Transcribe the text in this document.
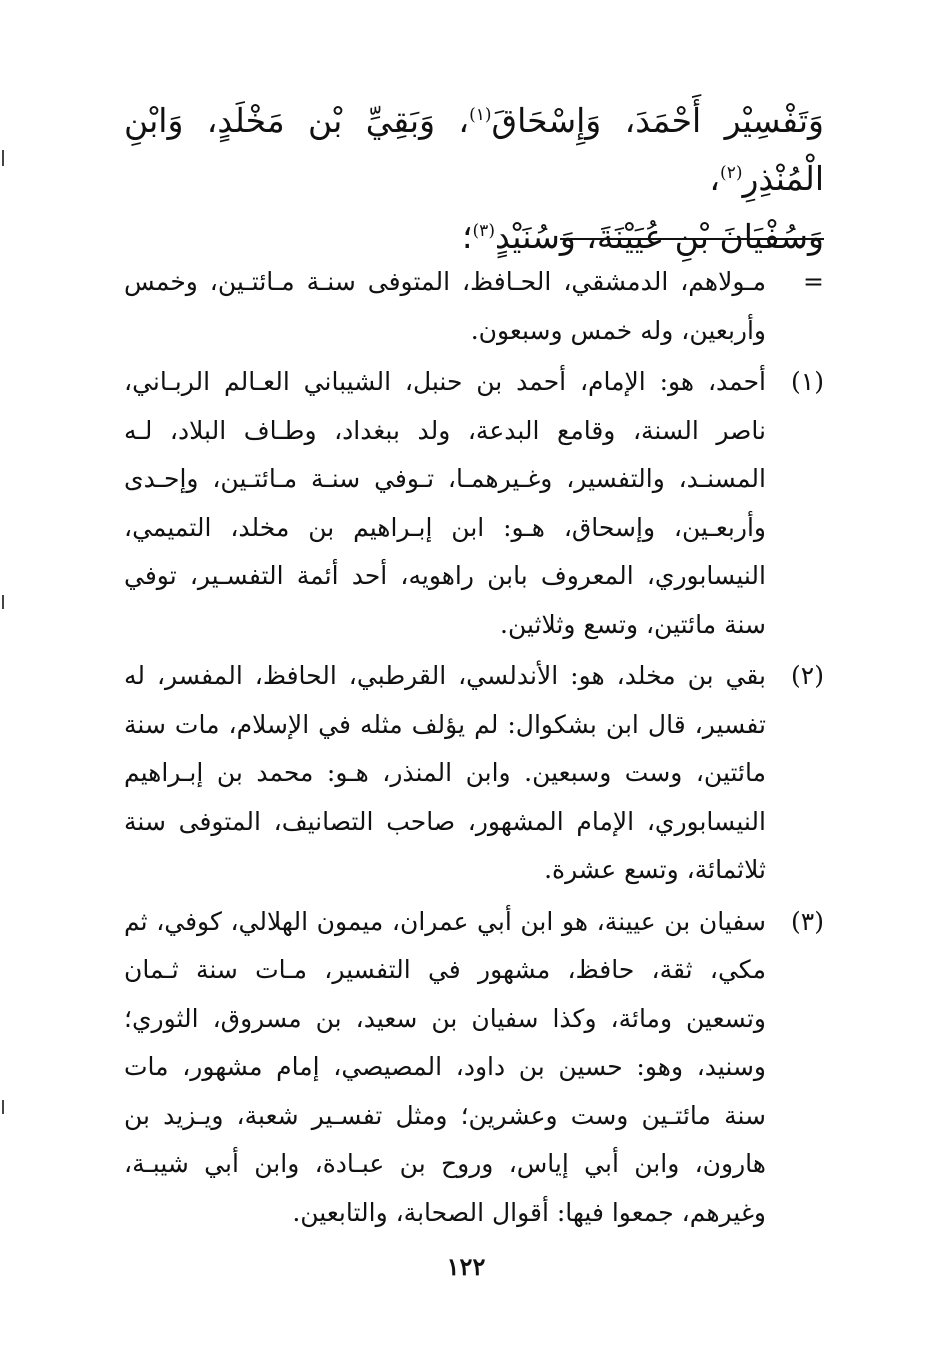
وَتَفْسِيْر أَحْمَدَ، وَإِسْحَاقَ$^{(١)}$، وَبَقِيِّ بْن مَخْلَدٍ، وَابْنِ الْمُنْذِرِ$^{(٢)}$،
وَسُفْيَانَ بْنِ عُيَيْنَةَ، وَسُنَيْدٍ$^{(٣)}$؛
=
مـولاهم، الدمشقي، الحـافظ، المتوفى سنـة مـائتـين، وخمس وأربعين، وله خمس وسبعون.
(١)
أحمد، هو: الإمام، أحمد بن حنبل، الشيباني العـالم الربـاني، ناصر السنة، وقامع البدعة، ولد ببغداد، وطـاف البلاد، لـه المسنـد، والتفسير، وغـيرهمـا، تـوفي سنـة مـائتـين، وإحـدى وأربعـين، وإسحاق، هـو: ابن إبـراهيم بن مخلد، التميمي، النيسابوري، المعروف بابن راهويه، أحد أئمة التفسـير، توفي سنة مائتين، وتسع وثلاثين.
(٢)
بقي بن مخلد، هو: الأندلسي، القرطبي، الحافظ، المفسر، له تفسير، قال ابن بشكوال: لم يؤلف مثله في الإسلام، مات سنة مائتين، وست وسبعين. وابن المنذر، هـو: محمد بن إبـراهيم النيسابوري، الإمام المشهور، صاحب التصانيف، المتوفى سنة ثلاثمائة، وتسع عشرة.
(٣)
سفيان بن عيينة، هو ابن أبي عمران، ميمون الهلالي، كوفي، ثم مكي، ثقة، حافظ، مشهور في التفسير، مـات سنة ثـمان وتسعين ومائة، وكذا سفيان بن سعيد، بن مسروق، الثوري؛ وسنيد، وهو: حسين بن داود، المصيصي، إمام مشهور، مات سنة مائتـين وست وعشرين؛ ومثل تفسـير شعبة، ويـزيد بن هارون، وابن أبي إياس، وروح بن عبـادة، وابن أبي شيبـة، وغيرهم، جمعوا فيها: أقوال الصحابة، والتابعين.
١٢٢
